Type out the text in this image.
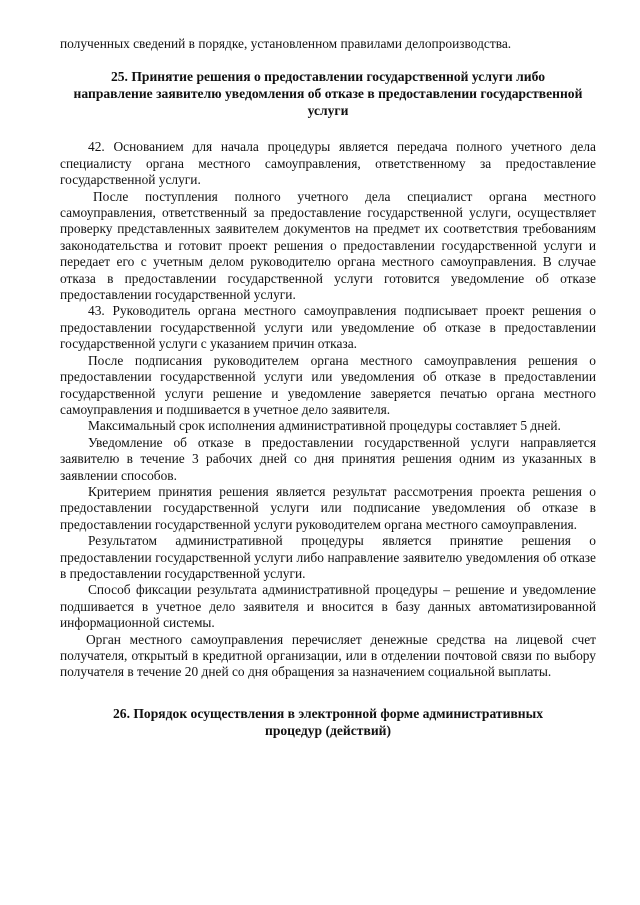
полученных сведений в порядке, установленном правилами делопроизводства.

25. Принятие решения о предоставлении государственной услуги либо направление заявителю уведомления об отказе в предоставлении государственной услуги

42. Основанием для начала процедуры является передача полного учетного дела специалисту органа местного самоуправления, ответственному за предоставление государственной услуги.

После поступления полного учетного дела специалист органа местного самоуправления, ответственный за предоставление государственной услуги, осуществляет проверку представленных заявителем документов на предмет их соответствия требованиям законодательства и готовит проект решения о предоставлении государственной услуги и передает его с учетным делом руководителю органа местного самоуправления. В случае отказа в предоставлении государственной услуги готовится уведомление об отказе предоставлении государственной услуги.

43. Руководитель органа местного самоуправления подписывает проект решения о предоставлении государственной услуги или уведомление об отказе в предоставлении государственной услуги с указанием причин отказа.

После подписания руководителем органа местного самоуправления решения о предоставлении государственной услуги или уведомления об отказе в предоставлении государственной услуги решение и уведомление заверяется печатью органа местного самоуправления и подшивается в учетное дело заявителя.

Максимальный срок исполнения административной процедуры составляет 5 дней.

Уведомление об отказе в предоставлении государственной услуги направляется заявителю в течение 3 рабочих дней со дня принятия решения одним из указанных в заявлении способов.

Критерием принятия решения является результат рассмотрения проекта решения о предоставлении государственной услуги или подписание уведомления об отказе в предоставлении государственной услуги руководителем органа местного самоуправления.

Результатом административной процедуры является принятие решения о предоставлении государственной услуги либо направление заявителю уведомления об отказе в предоставлении государственной услуги.

Способ фиксации результата административной процедуры – решение и уведомление подшивается в учетное дело заявителя и вносится в базу данных автоматизированной информационной системы.

Орган местного самоуправления перечисляет денежные средства на лицевой счет получателя, открытый в кредитной организации, или в отделении почтовой связи по выбору получателя в течение 20 дней со дня обращения за назначением социальной выплаты.

26. Порядок осуществления в электронной форме административных процедур (действий)
